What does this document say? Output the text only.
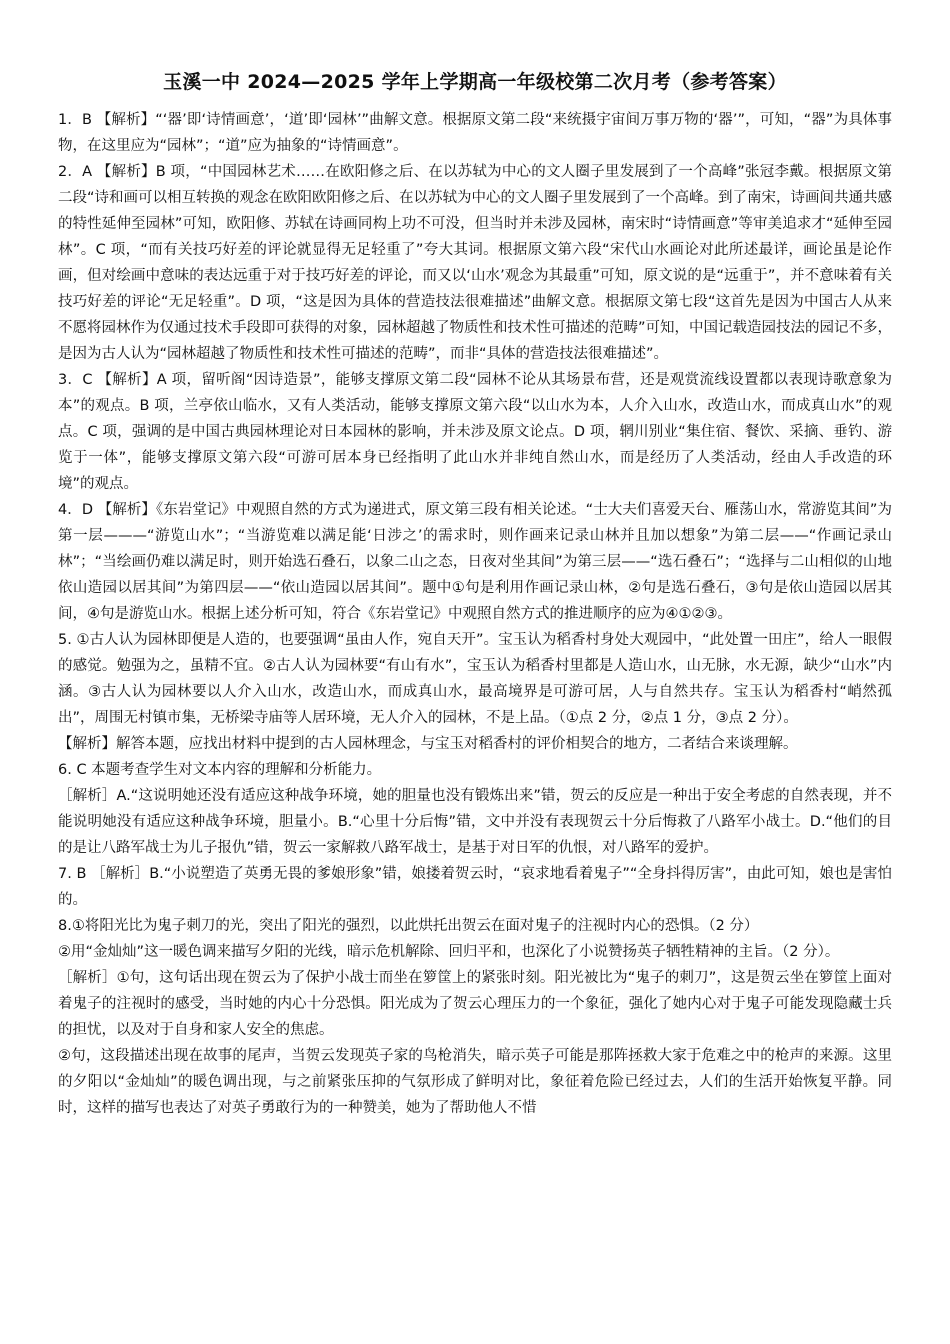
玉溪一中 2024—2025 学年上学期高一年级校第二次月考（参考答案）

1．B 【解析】“‘器’即‘诗情画意’，‘道’即‘园林’”曲解文意。根据原文第二段“来统摄宇宙间万事万物的‘器’”，可知，“器”为具体事物，在这里应为“园林”；“道”应为抽象的“诗情画意”。

2．A 【解析】B 项，“中国园林艺术……在欧阳修之后、在以苏轼为中心的文人圈子里发展到了一个高峰”张冠李戴。根据原文第二段“诗和画可以相互转换的观念在欧阳欧阳修之后、在以苏轼为中心的文人圈子里发展到了一个高峰。到了南宋，诗画间共通共感的特性延伸至园林”可知，欧阳修、苏轼在诗画同构上功不可没，但当时并未涉及园林，南宋时“诗情画意”等审美追求才“延伸至园林”。C 项，“而有关技巧好差的评论就显得无足轻重了”夸大其词。根据原文第六段“宋代山水画论对此所述最详，画论虽是论作画，但对绘画中意味的表达远重于对于技巧好差的评论，而又以‘山水’观念为其最重”可知，原文说的是“远重于”，并不意味着有关技巧好差的评论“无足轻重”。D 项，“这是因为具体的营造技法很难描述”曲解文意。根据原文第七段“这首先是因为中国古人从来不愿将园林作为仅通过技术手段即可获得的对象，园林超越了物质性和技术性可描述的范畴”可知，中国记载造园技法的园记不多，是因为古人认为“园林超越了物质性和技术性可描述的范畴”，而非“具体的营造技法很难描述”。

3．C 【解析】A 项，留听阁“因诗造景”，能够支撑原文第二段“园林不论从其场景布营，还是观赏流线设置都以表现诗歌意象为本”的观点。B 项，兰亭依山临水，又有人类活动，能够支撑原文第六段“以山水为本，人介入山水，改造山水，而成真山水”的观点。C 项，强调的是中国古典园林理论对日本园林的影响，并未涉及原文论点。D 项，辋川别业“集住宿、餐饮、采摘、垂钓、游览于一体”，能够支撑原文第六段“可游可居本身已经指明了此山水并非纯自然山水，而是经历了人类活动，经由人手改造的环境”的观点。

4．D 【解析】《东岩堂记》中观照自然的方式为递进式，原文第三段有相关论述。“士大夫们喜爱天台、雁荡山水，常游览其间”为第一层———“游览山水”；“当游览难以满足能‘日涉之’的需求时，则作画来记录山林并且加以想象”为第二层——“作画记录山林”；“当绘画仍难以满足时，则开始选石叠石，以象二山之态，日夜对坐其间”为第三层——“选石叠石”；“选择与二山相似的山地依山造园以居其间”为第四层——“依山造园以居其间”。题中①句是利用作画记录山林，②句是选石叠石，③句是依山造园以居其间，④句是游览山水。根据上述分析可知，符合《东岩堂记》中观照自然方式的推进顺序的应为④①②③。

5. ①古人认为园林即便是人造的，也要强调“虽由人作，宛自天开”。宝玉认为稻香村身处大观园中，“此处置一田庄”，给人一眼假的感觉。勉强为之，虽精不宜。②古人认为园林要“有山有水”，宝玉认为稻香村里都是人造山水，山无脉，水无源，缺少“山水”内涵。③古人认为园林要以人介入山水，改造山水，而成真山水，最高境界是可游可居，人与自然共存。宝玉认为稻香村“峭然孤出”，周围无村镇市集，无桥梁寺庙等人居环境，无人介入的园林，不是上品。（①点 2 分，②点 1 分，③点 2 分）。

【解析】解答本题，应找出材料中提到的古人园林理念，与宝玉对稻香村的评价相契合的地方，二者结合来谈理解。

6. C 本题考查学生对文本内容的理解和分析能力。

［解析］A.“这说明她还没有适应这种战争环境，她的胆量也没有锻炼出来”错，贺云的反应是一种出于安全考虑的自然表现，并不能说明她没有适应这种战争环境，胆量小。B.“心里十分后悔”错，文中并没有表现贺云十分后悔救了八路军小战士。D.“他们的目的是让八路军战士为儿子报仇”错，贺云一家解救八路军战士，是基于对日军的仇恨，对八路军的爱护。

7. B ［解析］B.“小说塑造了英勇无畏的爹娘形象”错，娘搂着贺云时，“哀求地看着鬼子”“全身抖得厉害”，由此可知，娘也是害怕的。

8.①将阳光比为鬼子刺刀的光，突出了阳光的强烈，以此烘托出贺云在面对鬼子的注视时内心的恐惧。（2 分）

②用“金灿灿”这一暖色调来描写夕阳的光线，暗示危机解除、回归平和，也深化了小说赞扬英子牺牲精神的主旨。（2 分）。

［解析］①句，这句话出现在贺云为了保护小战士而坐在箩筐上的紧张时刻。阳光被比为“鬼子的刺刀”，这是贺云坐在箩筐上面对着鬼子的注视时的感受，当时她的内心十分恐惧。阳光成为了贺云心理压力的一个象征，强化了她内心对于鬼子可能发现隐藏士兵的担忧，以及对于自身和家人安全的焦虑。

②句，这段描述出现在故事的尾声，当贺云发现英子家的鸟枪消失，暗示英子可能是那阵拯救大家于危难之中的枪声的来源。这里的夕阳以“金灿灿”的暖色调出现，与之前紧张压抑的气氛形成了鲜明对比，象征着危险已经过去，人们的生活开始恢复平静。同时，这样的描写也表达了对英子勇敢行为的一种赞美，她为了帮助他人不惜
